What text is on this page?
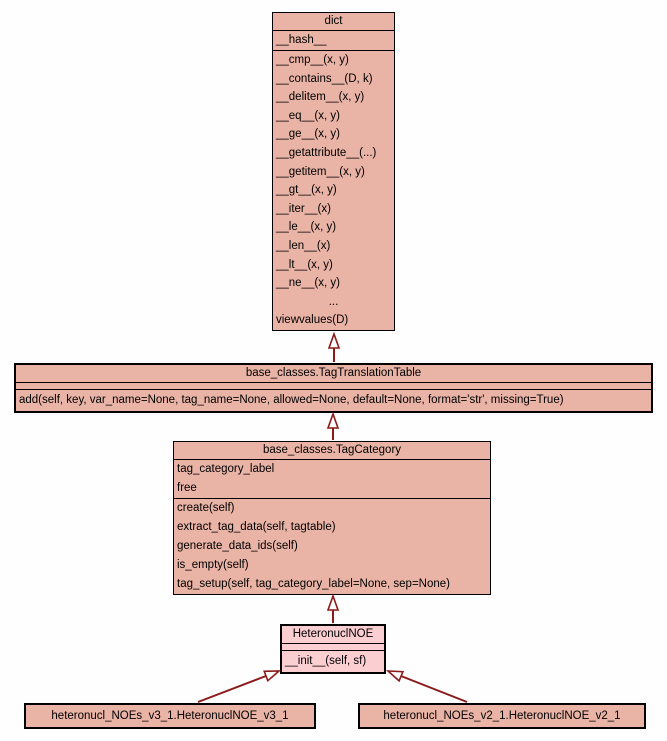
dict
__hash__
__cmp__(x, y)
__contains__(D, k)
__delitem__(x, y)
__eq__(x, y)
__ge__(x, y)
__getattribute__(...)
__getitem__(x, y)
__gt__(x, y)
__iter__(x)
__le__(x, y)
__len__(x)
__lt__(x, y)
__ne__(x, y)
...
viewvalues(D)
base_classes.TagTranslationTable
add(self, key, var_name=None, tag_name=None, allowed=None, default=None, format='str', missing=True)
base_classes.TagCategory
tag_category_label
free
create(self)
extract_tag_data(self, tagtable)
generate_data_ids(self)
is_empty(self)
tag_setup(self, tag_category_label=None, sep=None)
HeteronuclNOE
__init__(self, sf)
heteronucl_NOEs_v3_1.HeteronuclNOE_v3_1	heteronucl_NOEs_v2_1.HeteronuclNOE_v2_1
